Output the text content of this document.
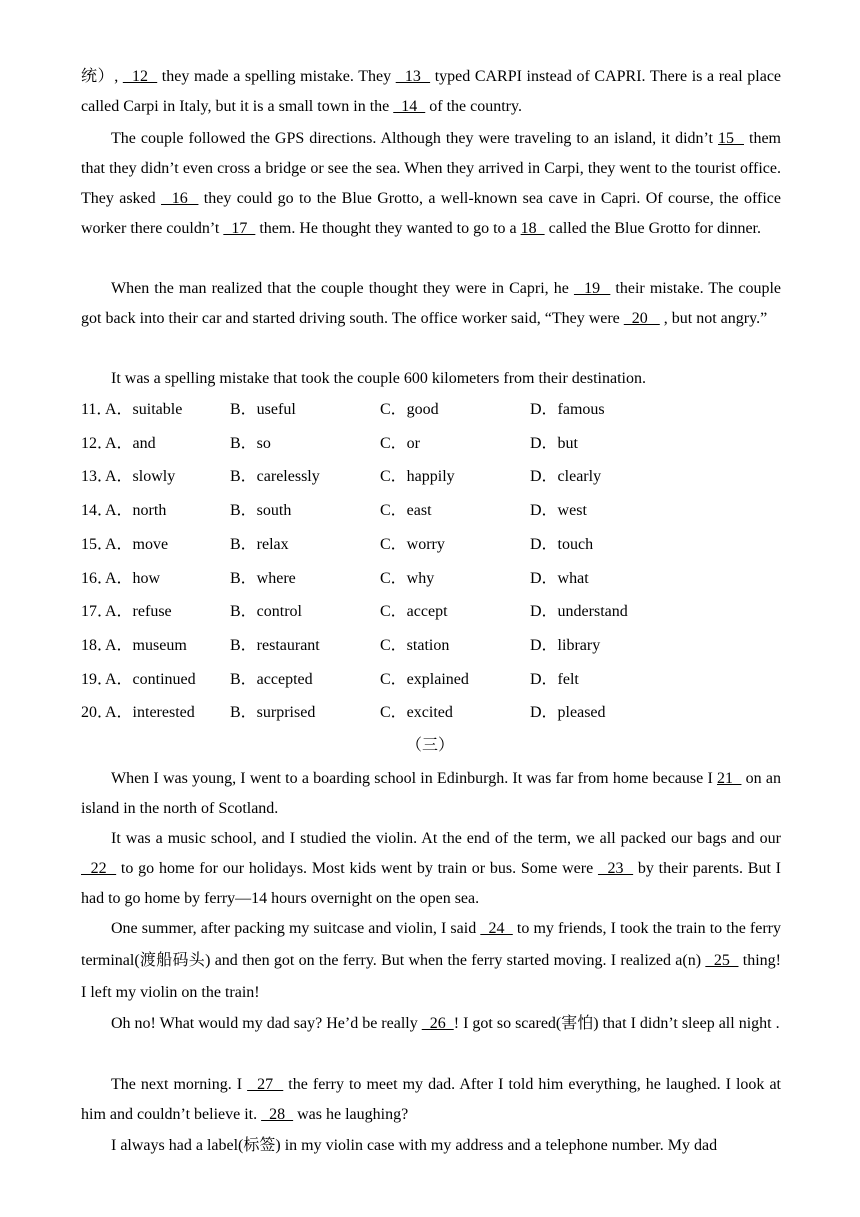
统）,   12   they made a spelling mistake. They   13   typed CARPI instead of CAPRI. There is a real place called Carpi in Italy, but it is a small town in the   14   of the country.

The couple followed the GPS directions. Although they were traveling to an island, it didn’t 15   them that they didn’t even cross a bridge or see the sea. When they arrived in Carpi, they went to the tourist office. They asked   16   they could go to the Blue Grotto, a well-known sea cave in Capri. Of course, the office worker there couldn’t   17   them. He thought they wanted to go to a 18   called the Blue Grotto for dinner.

When the man realized that the couple thought they were in Capri, he   19   their mistake. The couple got back into their car and started driving south. The office worker said, “They were   20    , but not angry.”

It was a spelling mistake that took the couple 600 kilometers from their destination.

11．
A．suitable	B．useful	C．good	D．famous
12．
A．and	B．so	C．or	D．but
13．
A．slowly	B．carelessly	C．happily	D．clearly
14．
A．north	B．south	C．east	D．west
15．
A．move	B．relax	C．worry	D．touch
16．
A．how	B．where	C．why	D．what
17．
A．refuse	B．control	C．accept	D．understand
18．
A．museum	B．restaurant	C．station	D．library
19．
A．continued B．accepted	C．explained	D．felt
20．
A．interested B．surprised	C．excited	D．pleased
（三）

When I was young, I went to a boarding school in Edinburgh. It was far from home because I 21   on an island in the north of Scotland.

It was a music school, and I studied the violin. At the end of the term, we all packed our bags and our   22   to go home for our holidays. Most kids went by train or bus. Some were   23   by their parents. But I had to go home by ferry—14 hours overnight on the open sea.

One summer, after packing my suitcase and violin, I said   24   to my friends, I took the train to the ferry terminal(渡船码头) and then got on the ferry. But when the ferry started moving. I realized a(n)   25   thing! I left my violin on the train!

Oh no! What would my dad say? He’d be really   26  ! I got so scared(害怕) that I didn’t sleep all night .

The next morning. I   27   the ferry to meet my dad. After I told him everything, he laughed. I look at him and couldn’t believe it.   28   was he laughing?

I always had a label(标签) in my violin case with my address and a telephone number. My dad
